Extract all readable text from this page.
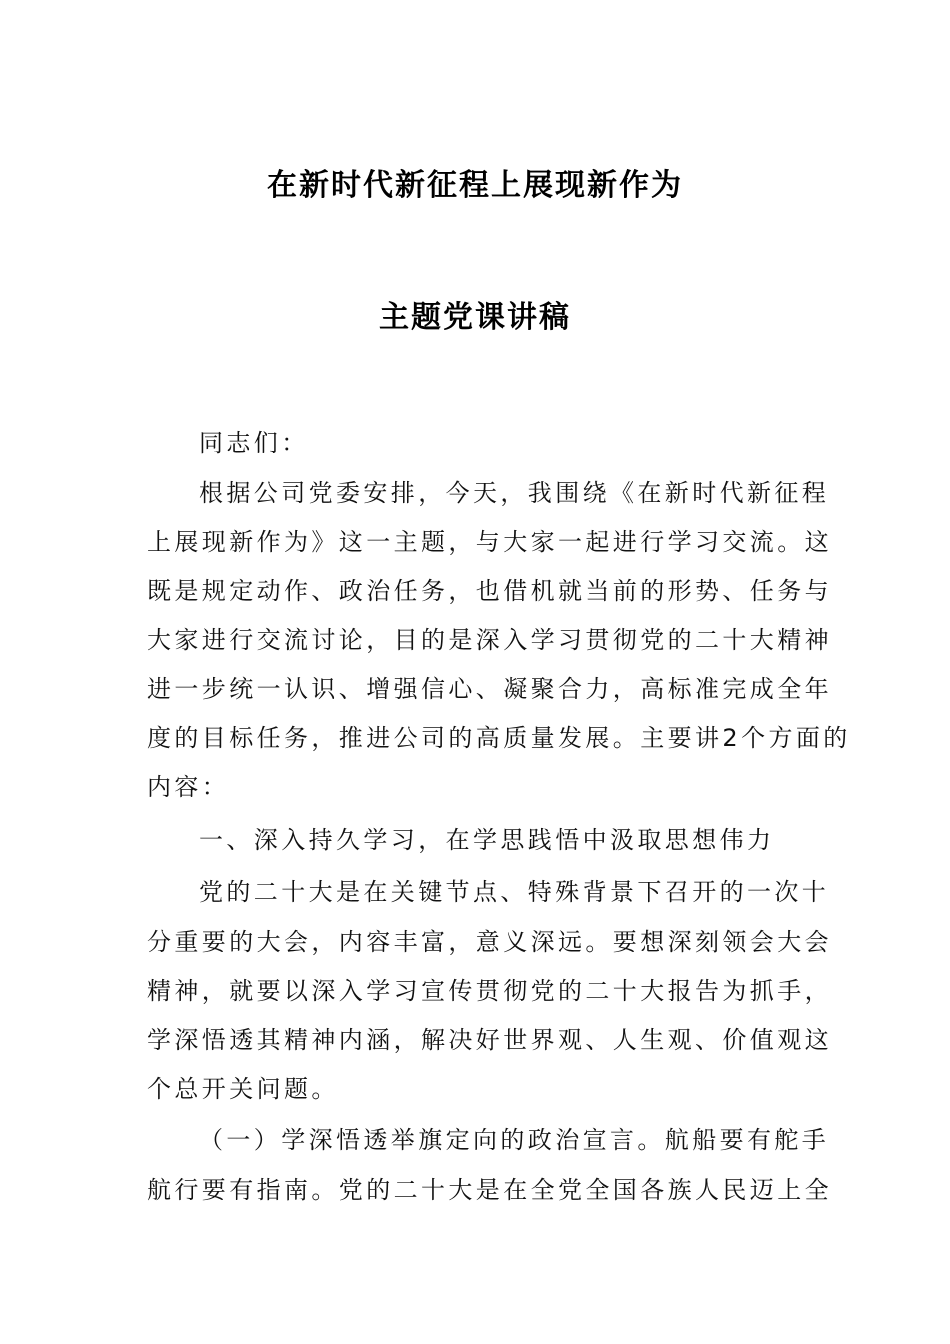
在新时代新征程上展现新作为
主题党课讲稿
同志们：
根据公司党委安排，今天，我围绕《在新时代新征程
上展现新作为》这一主题，与大家一起进行学习交流。这
既是规定动作、政治任务，也借机就当前的形势、任务与
大家进行交流讨论，目的是深入学习贯彻党的二十大精神
进一步统一认识、增强信心、凝聚合力，高标准完成全年
度的目标任务，推进公司的高质量发展。主要讲2个方面的
内容：
一、深入持久学习，在学思践悟中汲取思想伟力
党的二十大是在关键节点、特殊背景下召开的一次十
分重要的大会，内容丰富，意义深远。要想深刻领会大会
精神，就要以深入学习宣传贯彻党的二十大报告为抓手，
学深悟透其精神内涵，解决好世界观、人生观、价值观这
个总开关问题。
（一）学深悟透举旗定向的政治宣言。航船要有舵手
航行要有指南。党的二十大是在全党全国各族人民迈上全
